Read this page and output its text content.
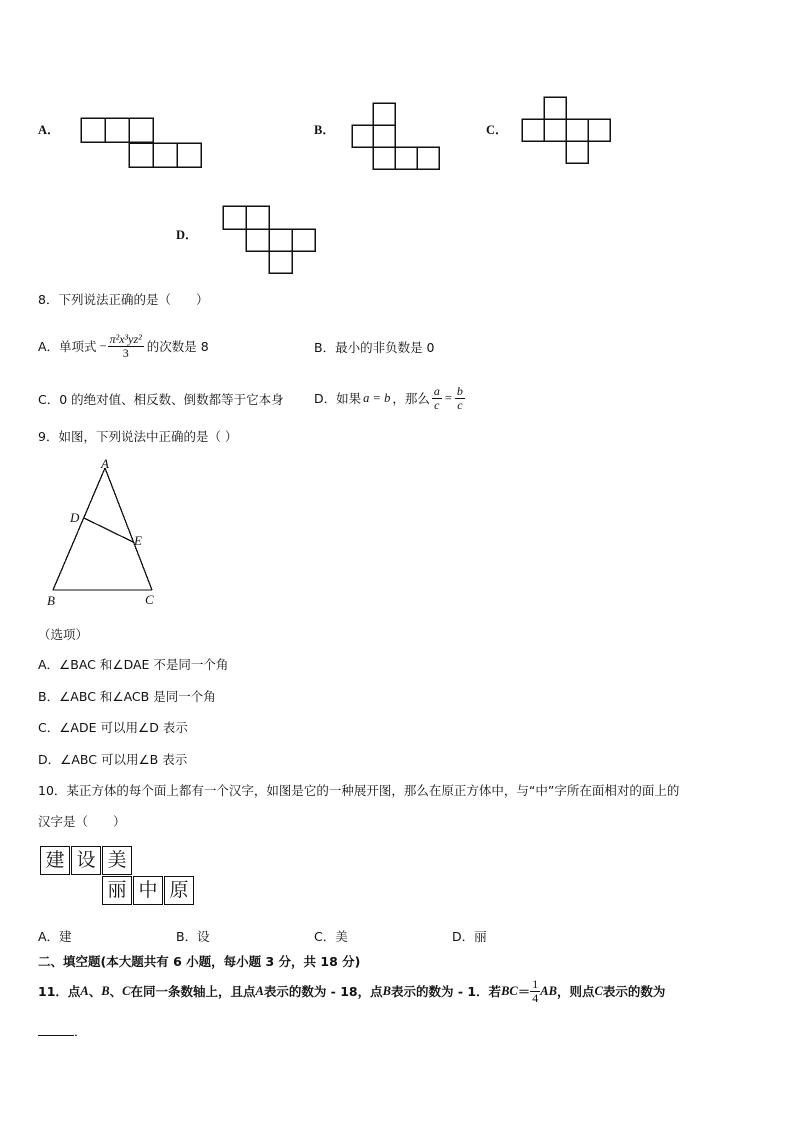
A．	B．	C．
D．
8．下列说法正确的是（　　）
A．单项式 − $\frac{\text{π²x³yz²}}{3}$ 的次数是 8	B．最小的非负数是 0
C．0 的绝对值、相反数、倒数都等于它本身 D．如果 a = b ，那么 $\frac{a}{c} = \frac{b}{c}$
9．如图，下列说法中正确的是（ ）
A
D
E
B	C
（选项）
A．∠BAC 和∠DAE 不是同一个角
B．∠ABC 和∠ACB 是同一个角
C．∠ADE 可以用∠D 表示
D．∠ABC 可以用∠B 表示
10．某正方体的每个面上都有一个汉字，如图是它的一种展开图，那么在原正方体中，与“中”字所在面相对的面上的
汉字是（　　）
建 设 美
丽 中 原
A．建	B．设	C．美	D．丽
二、填空题(本大题共有 6 小题，每小题 3 分，共 18 分)
11．点 A 、 B 、 C 在同一条数轴上，且点 A 表示的数为 - 18，点 B 表示的数为 - 1．若 BC ＝ $\frac{1}{4}$ AB ，则点 C 表示的数为
．
